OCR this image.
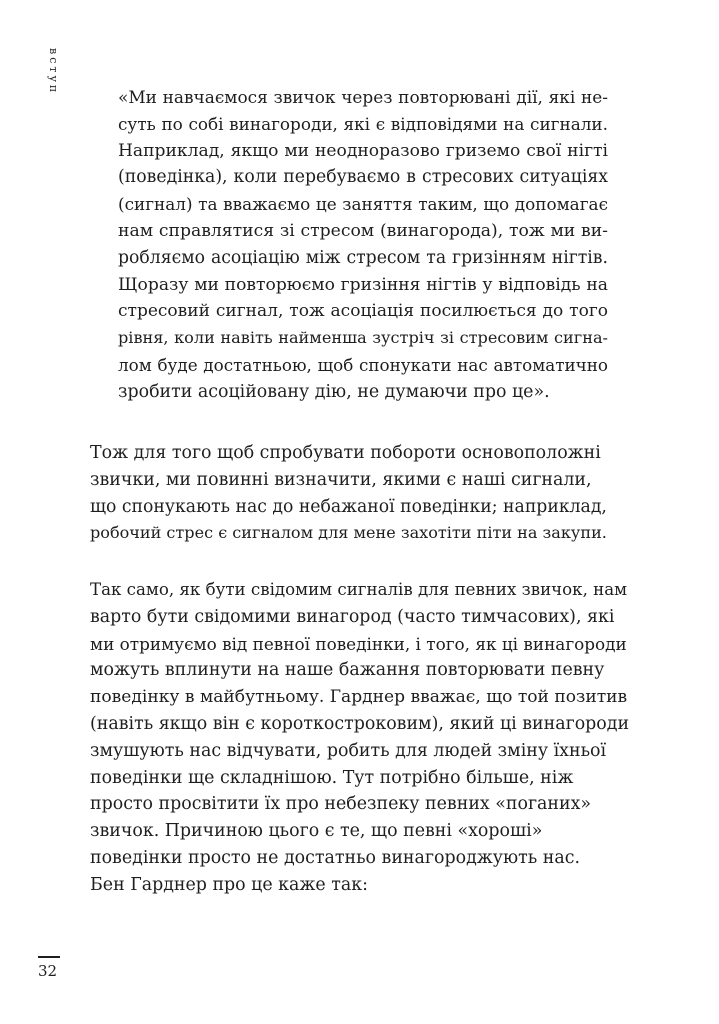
вступ
«Ми навчаємося звичок через повторювані дії, які не-
суть по собі винагороди, які є відповідями на сигнали.
Наприклад, якщо ми неодноразово гриземо свої нігті
(поведінка), коли перебуваємо в стресових ситуаціях
(сигнал) та вважаємо це заняття таким, що допомагає
нам справлятися зі стресом (винагорода), тож ми ви-
робляємо асоціацію між стресом та гризінням нігтів.
Щоразу ми повторюємо гризіння нігтів у відповідь на
стресовий сигнал, тож асоціація посилюється до того
рівня, коли навіть найменша зустріч зі стресовим сигна-
лом буде достатньою, щоб спонукати нас автоматично
зробити асоційовану дію, не думаючи про це».
Тож для того щоб спробувати побороти основоположні
звички, ми повинні визначити, якими є наші сигнали,
що спонукають нас до небажаної поведінки; наприклад,
робочий стрес є сигналом для мене захотіти піти на закупи.
Так само, як бути свідомим сигналів для певних звичок, нам
варто бути свідомими винагород (часто тимчасових), які
ми отримуємо від певної поведінки, і того, як ці винагороди
можуть вплинути на наше бажання повторювати певну
поведінку в майбутньому. Гарднер вважає, що той позитив
(навіть якщо він є короткостроковим), який ці винагороди
змушують нас відчувати, робить для людей зміну їхньої
поведінки ще складнішою. Тут потрібно більше, ніж
просто просвітити їх про небезпеку певних «поганих»
звичок. Причиною цього є те, що певні «хороші»
поведінки просто не достатньо винагороджують нас.
Бен Гарднер про це каже так:
32
